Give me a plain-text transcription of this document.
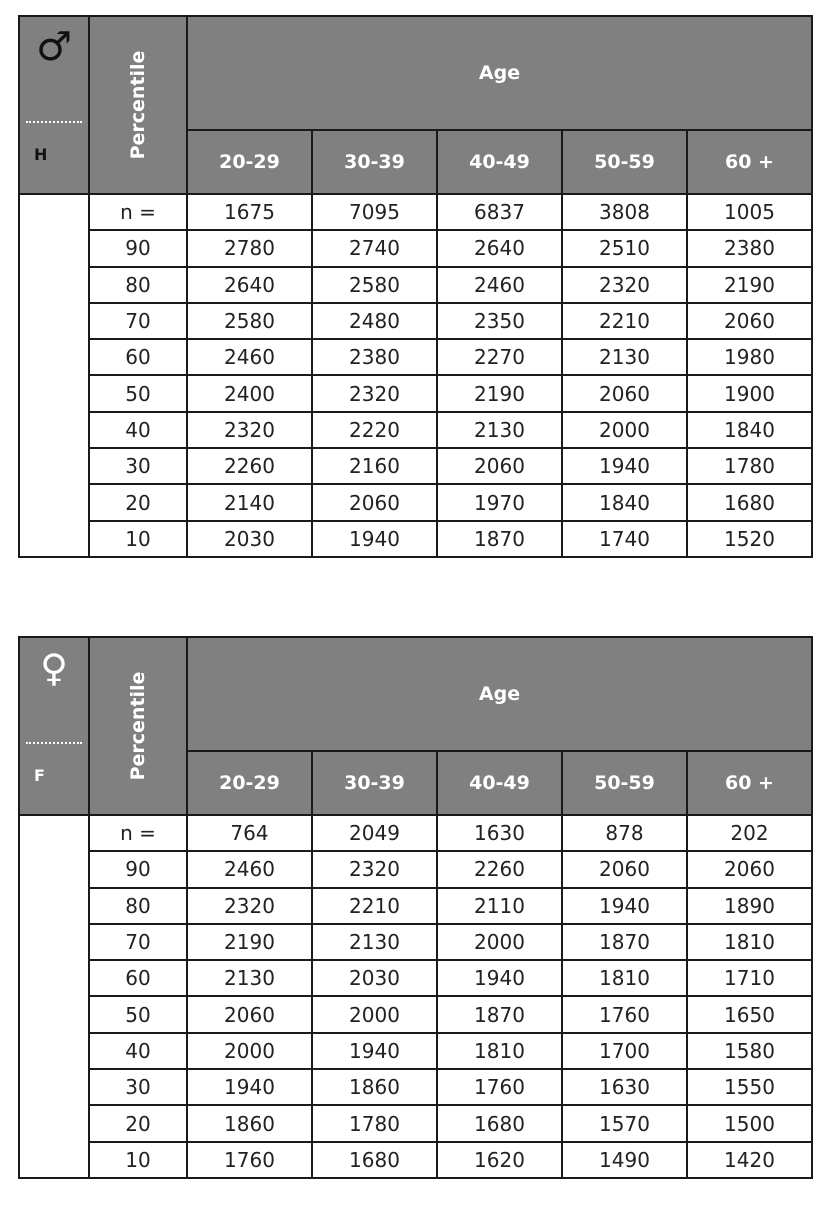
♂
H	Percentile	Age				
		20-29	30-39	40-49	50-59	60 +
	n =	1675	7095	6837	3808	1005
	90	2780	2740	2640	2510	2380
	80	2640	2580	2460	2320	2190
	70	2580	2480	2350	2210	2060
	60	2460	2380	2270	2130	1980
	50	2400	2320	2190	2060	1900
	40	2320	2220	2130	2000	1840
	30	2260	2160	2060	1940	1780
	20	2140	2060	1970	1840	1680
	10	2030	1940	1870	1740	1520
♀
F	Percentile	Age				
		20-29	30-39	40-49	50-59	60 +
	n =	764	2049	1630	878	202
	90	2460	2320	2260	2060	2060
	80	2320	2210	2110	1940	1890
	70	2190	2130	2000	1870	1810
	60	2130	2030	1940	1810	1710
	50	2060	2000	1870	1760	1650
	40	2000	1940	1810	1700	1580
	30	1940	1860	1760	1630	1550
	20	1860	1780	1680	1570	1500
	10	1760	1680	1620	1490	1420
